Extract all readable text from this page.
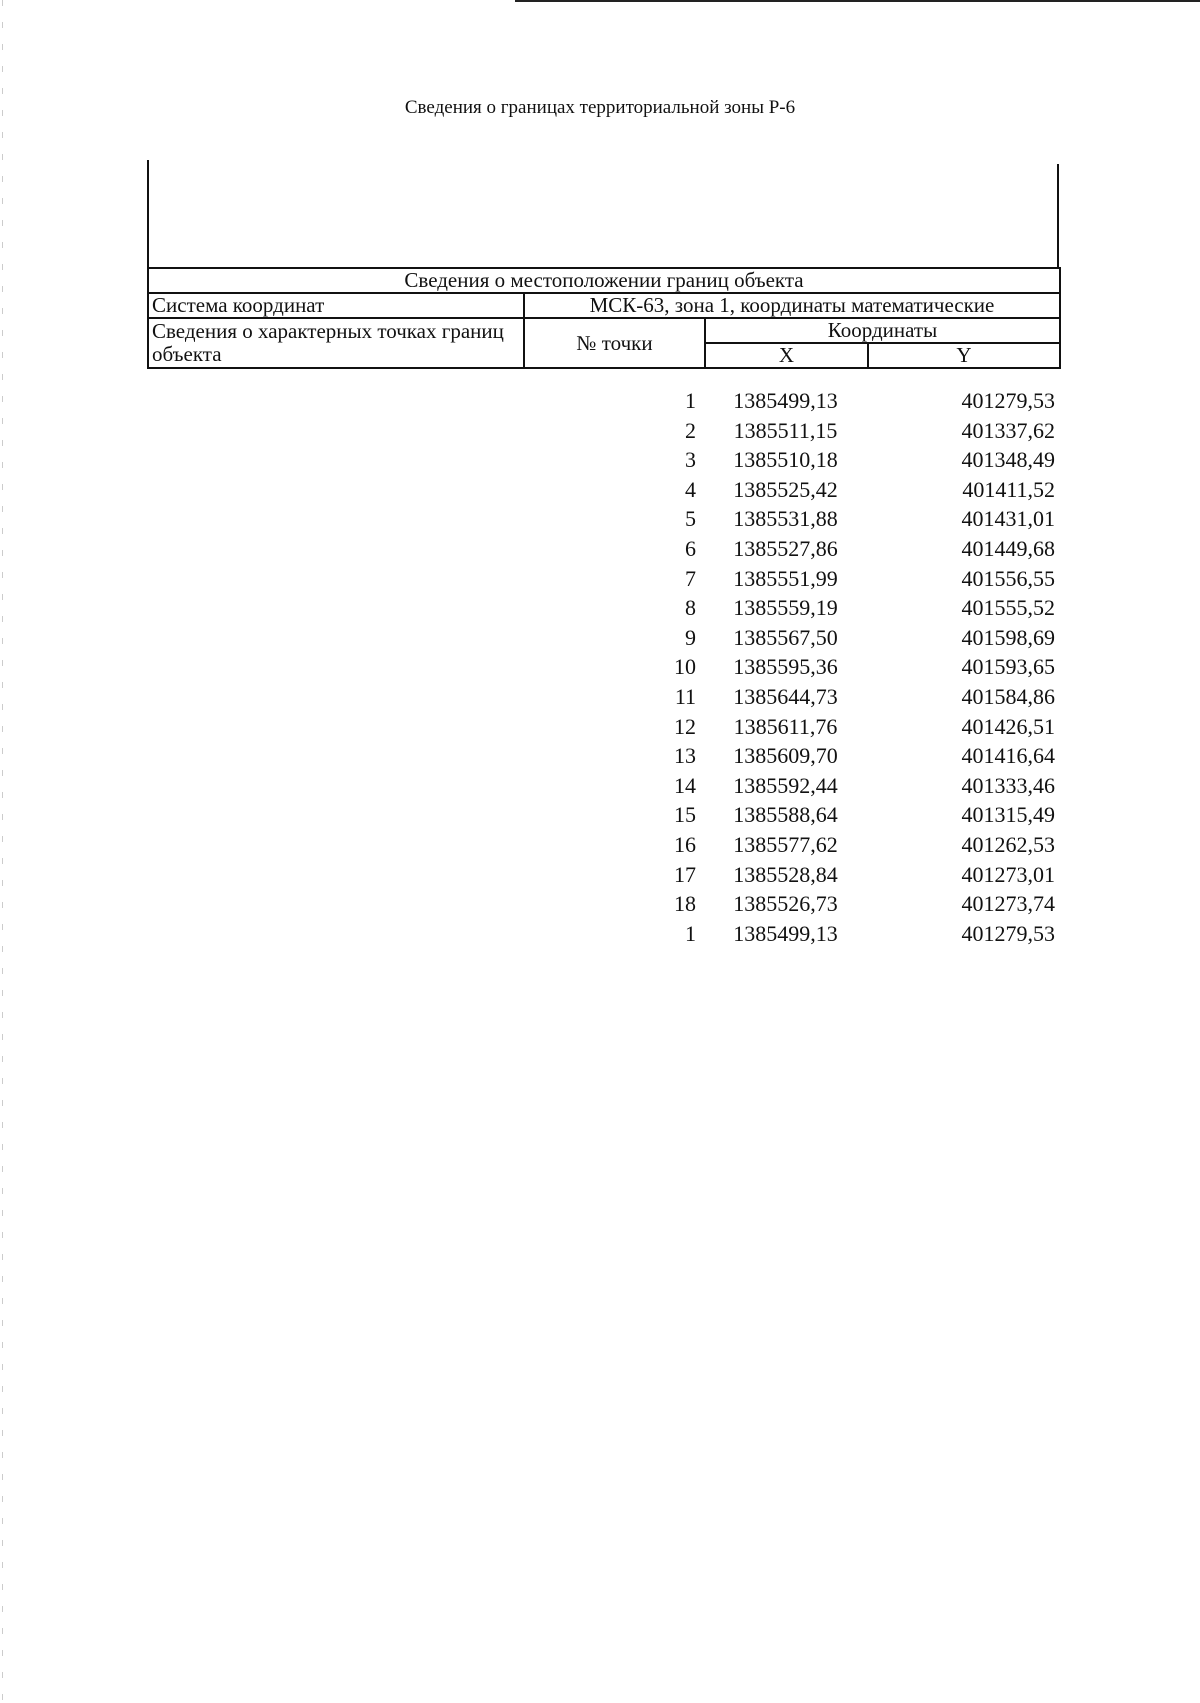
Сведения о границах территориальной зоны Р-6
Сведения о местоположении границ объекта			
Система координат	МСК-63, зона 1, координаты математические		
Сведения о характерных точках границ объекта	№ точки	Координаты	
		X	Y
	1	1385499,13	401279,53
	2	1385511,15	401337,62
	3	1385510,18	401348,49
	4	1385525,42	401411,52
	5	1385531,88	401431,01
	6	1385527,86	401449,68
	7	1385551,99	401556,55
	8	1385559,19	401555,52
	9	1385567,50	401598,69
	10	1385595,36	401593,65
	11	1385644,73	401584,86
	12	1385611,76	401426,51
	13	1385609,70	401416,64
	14	1385592,44	401333,46
	15	1385588,64	401315,49
	16	1385577,62	401262,53
	17	1385528,84	401273,01
	18	1385526,73	401273,74
	1	1385499,13	401279,53
